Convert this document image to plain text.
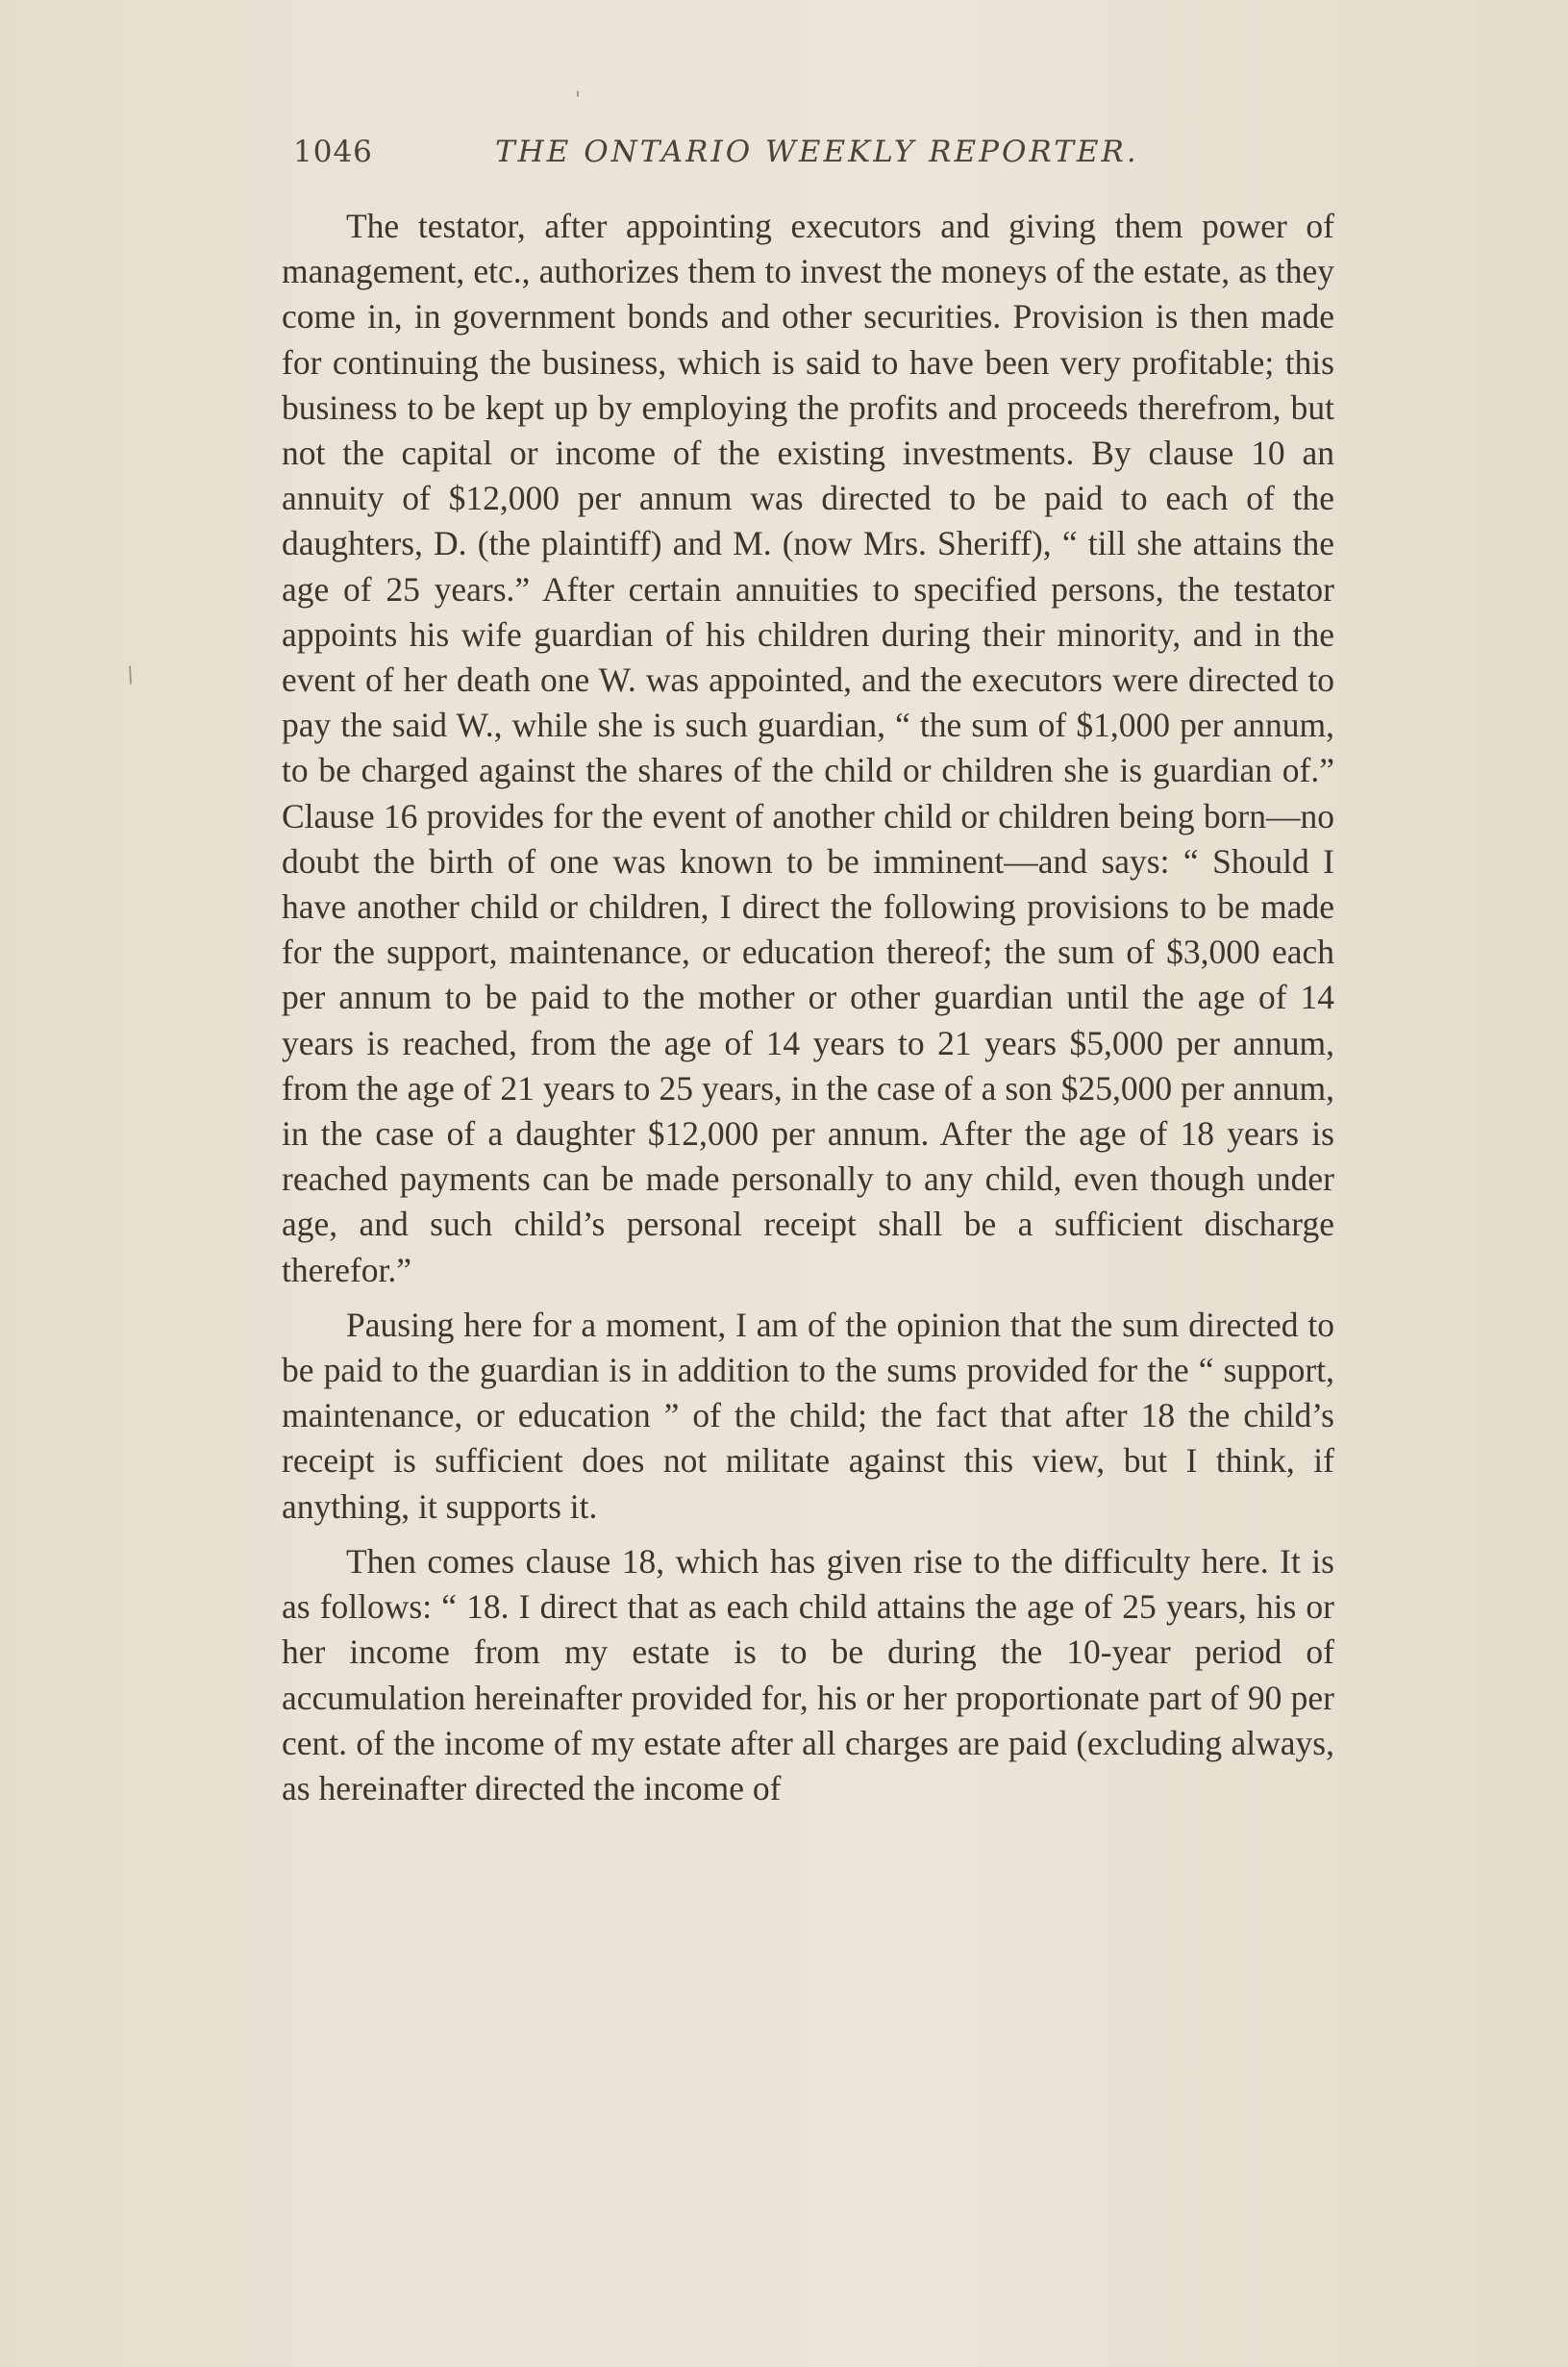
1046	THE ONTARIO WEEKLY REPORTER.

The testator, after appointing executors and giving them power of management, etc., authorizes them to invest the moneys of the estate, as they come in, in government bonds and other securities. Provision is then made for continuing the business, which is said to have been very profitable; this business to be kept up by employing the profits and proceeds therefrom, but not the capital or income of the existing investments. By clause 10 an annuity of $12,000 per annum was directed to be paid to each of the daughters, D. (the plaintiff) and M. (now Mrs. Sheriff), “ till she attains the age of 25 years.” After certain annuities to specified persons, the testator appoints his wife guardian of his children during their minority, and in the event of her death one W. was appointed, and the executors were directed to pay the said W., while she is such guardian, “ the sum of $1,000 per annum, to be charged against the shares of the child or children she is guardian of.” Clause 16 provides for the event of another child or children being born—no doubt the birth of one was known to be imminent—and says: “ Should I have another child or children, I direct the following provisions to be made for the support, maintenance, or education thereof; the sum of $3,000 each per annum to be paid to the mother or other guardian until the age of 14 years is reached, from the age of 14 years to 21 years $5,000 per annum, from the age of 21 years to 25 years, in the case of a son $25,000 per annum, in the case of a daughter $12,000 per annum. After the age of 18 years is reached payments can be made personally to any child, even though under age, and such child’s personal receipt shall be a sufficient discharge therefor.”

Pausing here for a moment, I am of the opinion that the sum directed to be paid to the guardian is in addition to the sums provided for the “ support, maintenance, or education ” of the child; the fact that after 18 the child’s receipt is sufficient does not militate against this view, but I think, if anything, it supports it.

Then comes clause 18, which has given rise to the difficulty here. It is as follows: “ 18. I direct that as each child attains the age of 25 years, his or her income from my estate is to be during the 10-year period of accumulation hereinafter provided for, his or her proportionate part of 90 per cent. of the income of my estate after all charges are paid (excluding always, as hereinafter directed the income of

/
'
